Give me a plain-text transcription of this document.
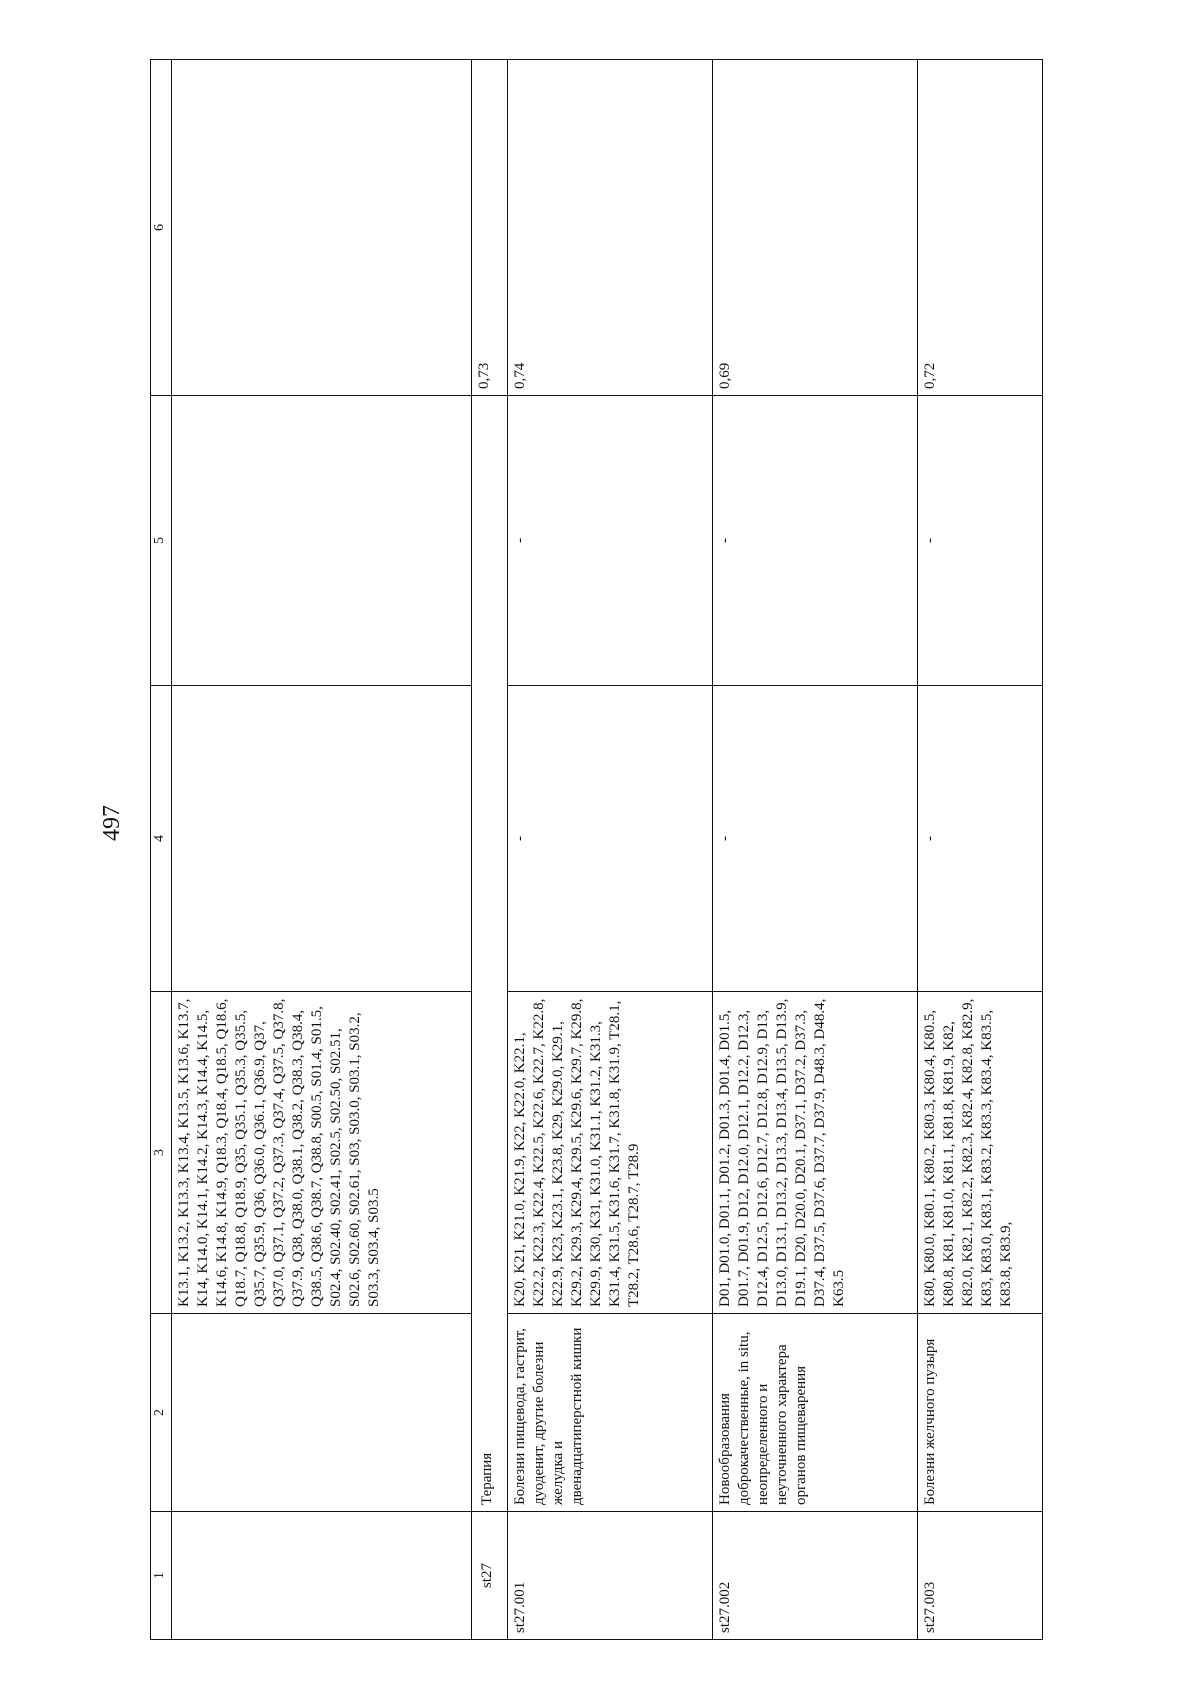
497
1	2	3	4	5	6
		K13.1, K13.2, K13.3, K13.4, K13.5, K13.6, K13.7, K14, K14.0, K14.1, K14.2, K14.3, K14.4, K14.5, K14.6, K14.8, K14.9, Q18.3, Q18.4, Q18.5, Q18.6, Q18.7, Q18.8, Q18.9, Q35, Q35.1, Q35.3, Q35.5, Q35.7, Q35.9, Q36, Q36.0, Q36.1, Q36.9, Q37, Q37.0, Q37.1, Q37.2, Q37.3, Q37.4, Q37.5, Q37.8, Q37.9, Q38, Q38.0, Q38.1, Q38.2, Q38.3, Q38.4, Q38.5, Q38.6, Q38.7, Q38.8, S00.5, S01.4, S01.5, S02.4, S02.40, S02.41, S02.5, S02.50, S02.51, S02.6, S02.60, S02.61, S03, S03.0, S03.1, S03.2, S03.3, S03.4, S03.5			
st27	Терапия				0,73
st27.001	Болезни пищевода, гастрит, дуоденит, другие болезни желудка и двенадцатиперстной кишки	K20, K21, K21.0, K21.9, K22, K22.0, K22.1, K22.2, K22.3, K22.4, K22.5, K22.6, K22.7, K22.8, K22.9, K23, K23.1, K23.8, K29, K29.0, K29.1, K29.2, K29.3, K29.4, K29.5, K29.6, K29.7, K29.8, K29.9, K30, K31, K31.0, K31.1, K31.2, K31.3, K31.4, K31.5, K31.6, K31.7, K31.8, K31.9, T28.1, T28.2, T28.6, T28.7, T28.9	-	-	0,74
st27.002	Новообразования доброкачественные, in situ, неопределенного и неуточненного характера органов пищеварения	D01, D01.0, D01.1, D01.2, D01.3, D01.4, D01.5, D01.7, D01.9, D12, D12.0, D12.1, D12.2, D12.3, D12.4, D12.5, D12.6, D12.7, D12.8, D12.9, D13, D13.0, D13.1, D13.2, D13.3, D13.4, D13.5, D13.9, D19.1, D20, D20.0, D20.1, D37.1, D37.2, D37.3, D37.4, D37.5, D37.6, D37.7, D37.9, D48.3, D48.4, K63.5	-	-	0,69
st27.003	Болезни желчного пузыря	K80, K80.0, K80.1, K80.2, K80.3, K80.4, K80.5, K80.8, K81, K81.0, K81.1, K81.8, K81.9, K82, K82.0, K82.1, K82.2, K82.3, K82.4, K82.8, K82.9, K83, K83.0, K83.1, K83.2, K83.3, K83.4, K83.5, K83.8, K83.9,	-	-	0,72
